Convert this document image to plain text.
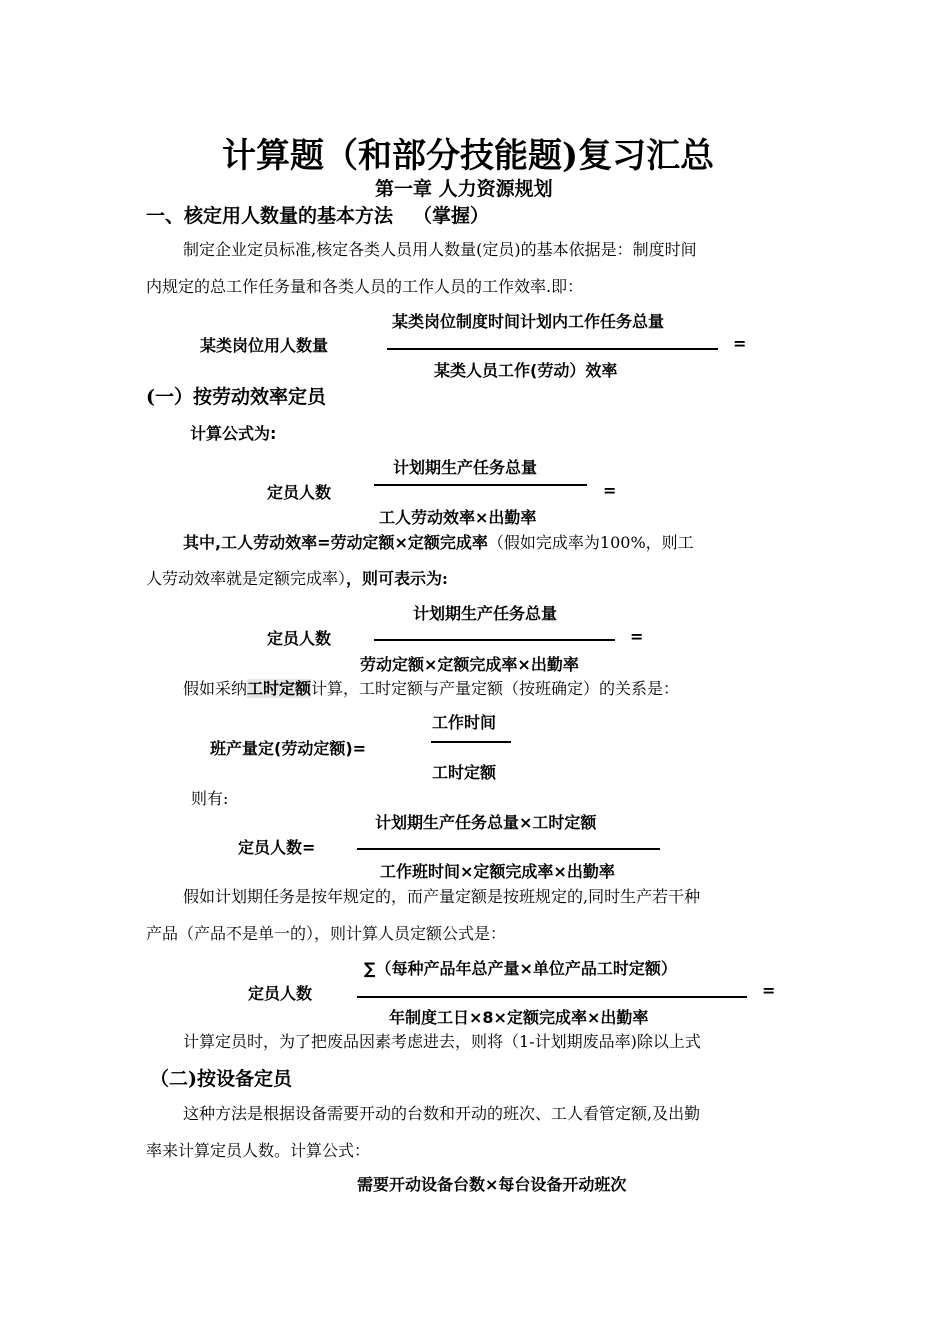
计算题（和部分技能题)复习汇总
第一章 人力资源规划
一、核定用人数量的基本方法 （掌握）
制定企业定员标准,核定各类人员用人数量(定员)的基本依据是：制度时间
内规定的总工作任务量和各类人员的工作人员的工作效率.即：
某类岗位用人数量
某类岗位制度时间计划内工作任务总量
某类人员工作(劳动）效率
=
(一）按劳动效率定员
计算公式为:
定员人数
计划期生产任务总量
工人劳动效率×出勤率
=
其中,工人劳动效率=劳动定额×定额完成率（假如完成率为100%，则工
人劳动效率就是定额完成率），则可表示为:
定员人数
计划期生产任务总量
劳动定额×定额完成率×出勤率
=
假如采纳工时定额计算，工时定额与产量定额（按班确定）的关系是：
班产量定(劳动定额)=
工作时间
工时定额
则有:
定员人数=
计划期生产任务总量×工时定额
工作班时间×定额完成率×出勤率
假如计划期任务是按年规定的，而产量定额是按班规定的,同时生产若干种
产品（产品不是单一的），则计算人员定额公式是：
定员人数
∑（每种产品年总产量×单位产品工时定额）
年制度工日×8×定额完成率×出勤率
=
计算定员时，为了把废品因素考虑进去，则将（1-计划期废品率)除以上式
（二)按设备定员
这种方法是根据设备需要开动的台数和开动的班次、工人看管定额,及出勤
率来计算定员人数。计算公式：
需要开动设备台数×每台设备开动班次
